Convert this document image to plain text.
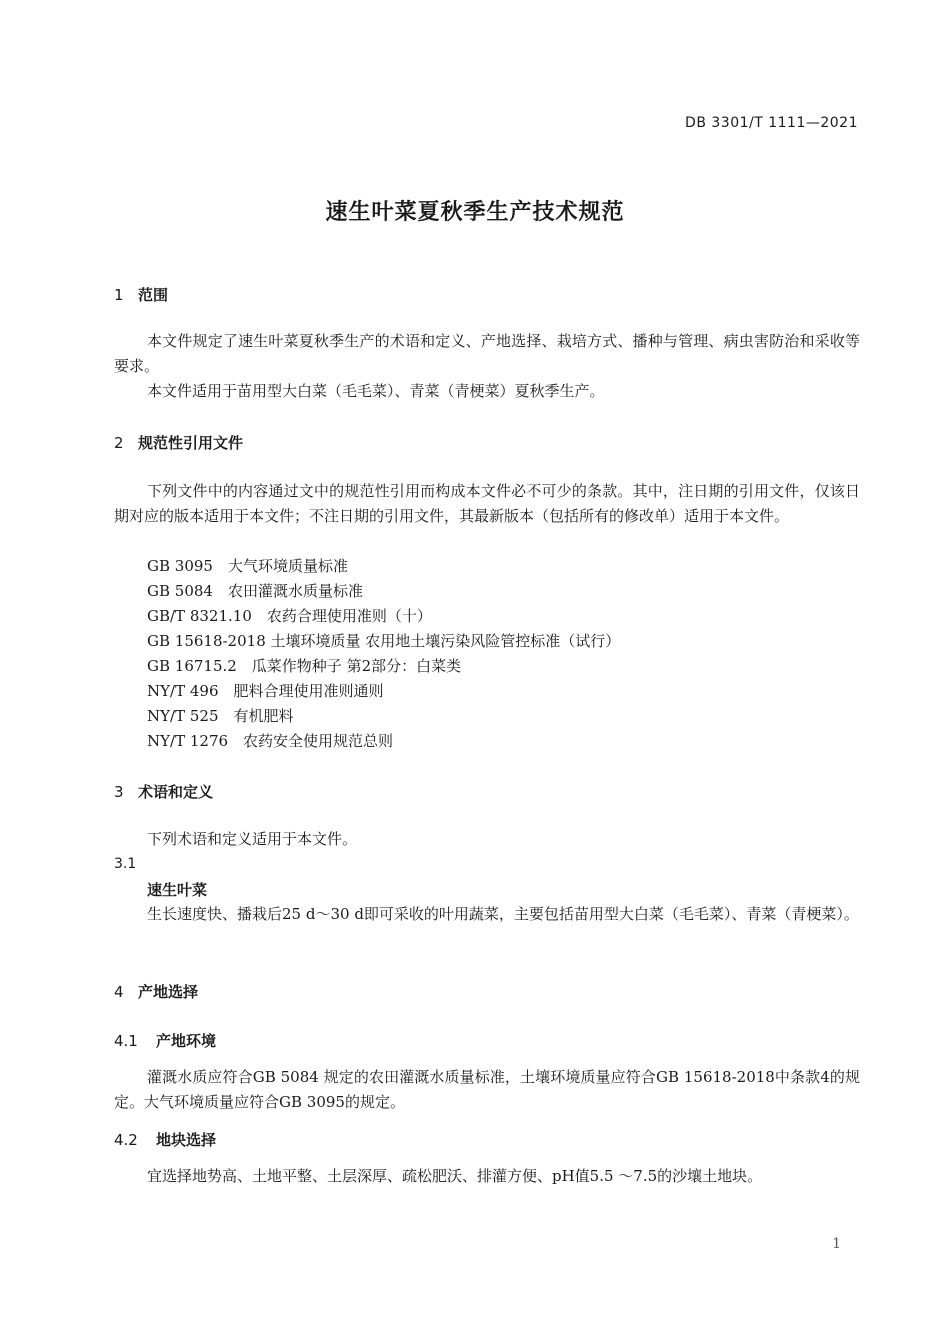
DB 3301/T 1111—2021
速生叶菜夏秋季生产技术规范
1 范围
本文件规定了速生叶菜夏秋季生产的术语和定义、产地选择、栽培方式、播种与管理、病虫害防治和采收等要求。
本文件适用于苗用型大白菜（毛毛菜）、青菜（青梗菜）夏秋季生产。
2 规范性引用文件
下列文件中的内容通过文中的规范性引用而构成本文件必不可少的条款。其中，注日期的引用文件，仅该日期对应的版本适用于本文件；不注日期的引用文件，其最新版本（包括所有的修改单）适用于本文件。
GB 3095　大气环境质量标准
GB 5084　农田灌溉水质量标准
GB/T 8321.10　农药合理使用准则（十）
GB 15618-2018 土壤环境质量 农用地土壤污染风险管控标准（试行）
GB 16715.2　瓜菜作物种子 第2部分：白菜类
NY/T 496　肥料合理使用准则通则
NY/T 525　有机肥料
NY/T 1276　农药安全使用规范总则
3 术语和定义
下列术语和定义适用于本文件。
3.1
速生叶菜
生长速度快、播栽后25 d～30 d即可采收的叶用蔬菜，主要包括苗用型大白菜（毛毛菜）、青菜（青梗菜）。
4 产地选择
4.1 产地环境
灌溉水质应符合GB 5084 规定的农田灌溉水质量标准，土壤环境质量应符合GB 15618-2018中条款4的规定。大气环境质量应符合GB 3095的规定。
4.2 地块选择
宜选择地势高、土地平整、土层深厚、疏松肥沃、排灌方便、pH值5.5 ～7.5的沙壤土地块。
1
